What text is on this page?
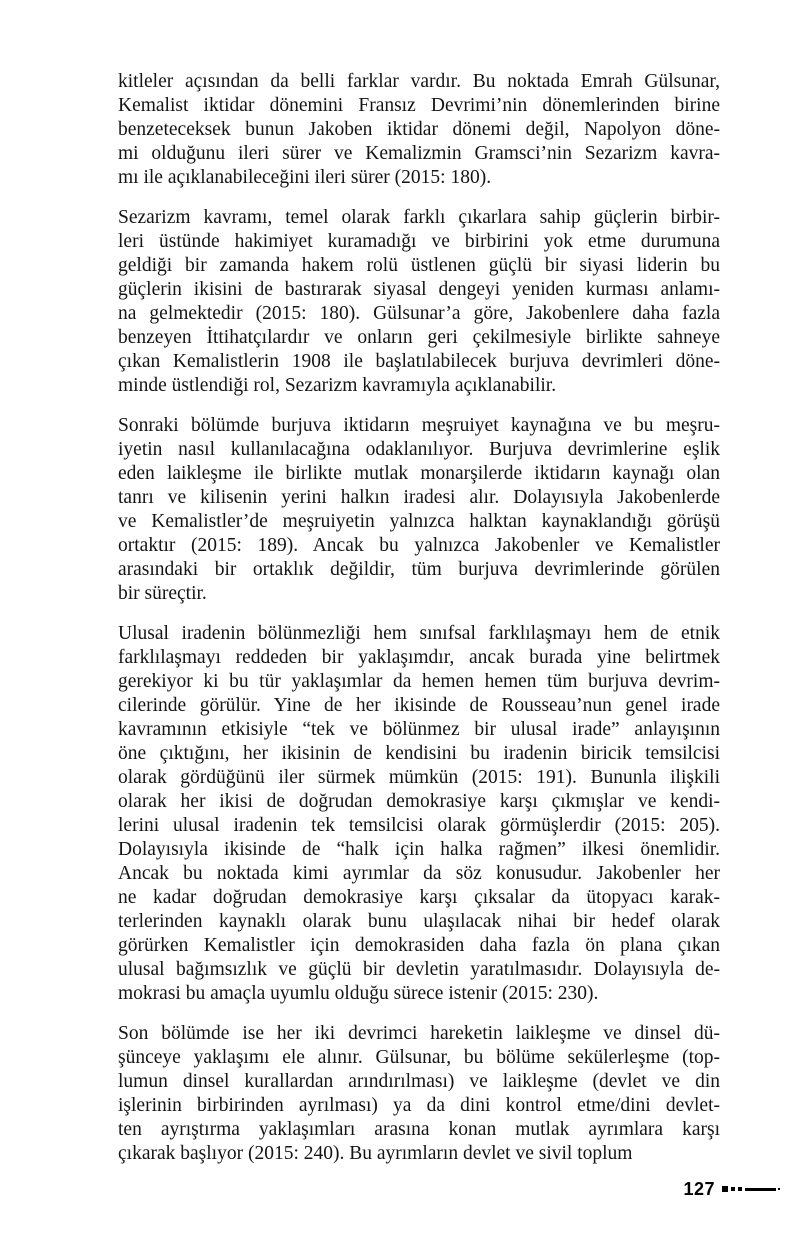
kitleler açısından da belli farklar vardır. Bu noktada Emrah Gülsunar,
Kemalist iktidar dönemini Fransız Devrimi’nin dönemlerinden birine
benzeteceksek bunun Jakoben iktidar dönemi değil, Napolyon döne-
mi olduğunu ileri sürer ve Kemalizmin Gramsci’nin Sezarizm kavra-
mı ile açıklanabileceğini ileri sürer (2015: 180).
Sezarizm kavramı, temel olarak farklı çıkarlara sahip güçlerin birbir-
leri üstünde hakimiyet kuramadığı ve birbirini yok etme durumuna
geldiği bir zamanda hakem rolü üstlenen güçlü bir siyasi liderin bu
güçlerin ikisini de bastırarak siyasal dengeyi yeniden kurması anlamı-
na gelmektedir (2015: 180). Gülsunar’a göre, Jakobenlere daha fazla
benzeyen İttihatçılardır ve onların geri çekilmesiyle birlikte sahneye
çıkan Kemalistlerin 1908 ile başlatılabilecek burjuva devrimleri döne-
minde üstlendiği rol, Sezarizm kavramıyla açıklanabilir.
Sonraki bölümde burjuva iktidarın meşruiyet kaynağına ve bu meşru-
iyetin nasıl kullanılacağına odaklanılıyor. Burjuva devrimlerine eşlik
eden laikleşme ile birlikte mutlak monarşilerde iktidarın kaynağı olan
tanrı ve kilisenin yerini halkın iradesi alır. Dolayısıyla Jakobenlerde
ve Kemalistler’de meşruiyetin yalnızca halktan kaynaklandığı görüşü
ortaktır (2015: 189). Ancak bu yalnızca Jakobenler ve Kemalistler
arasındaki bir ortaklık değildir, tüm burjuva devrimlerinde görülen
bir süreçtir.
Ulusal iradenin bölünmezliği hem sınıfsal farklılaşmayı hem de etnik
farklılaşmayı reddeden bir yaklaşımdır, ancak burada yine belirtmek
gerekiyor ki bu tür yaklaşımlar da hemen hemen tüm burjuva devrim-
cilerinde görülür. Yine de her ikisinde de Rousseau’nun genel irade
kavramının etkisiyle “tek ve bölünmez bir ulusal irade” anlayışının
öne çıktığını, her ikisinin de kendisini bu iradenin biricik temsilcisi
olarak gördüğünü iler sürmek mümkün (2015: 191). Bununla ilişkili
olarak her ikisi de doğrudan demokrasiye karşı çıkmışlar ve kendi-
lerini ulusal iradenin tek temsilcisi olarak görmüşlerdir (2015: 205).
Dolayısıyla ikisinde de “halk için halka rağmen” ilkesi önemlidir.
Ancak bu noktada kimi ayrımlar da söz konusudur. Jakobenler her
ne kadar doğrudan demokrasiye karşı çıksalar da ütopyacı karak-
terlerinden kaynaklı olarak bunu ulaşılacak nihai bir hedef olarak
görürken Kemalistler için demokrasiden daha fazla ön plana çıkan
ulusal bağımsızlık ve güçlü bir devletin yaratılmasıdır. Dolayısıyla de-
mokrasi bu amaçla uyumlu olduğu sürece istenir (2015: 230).
Son bölümde ise her iki devrimci hareketin laikleşme ve dinsel dü-
şünceye yaklaşımı ele alınır. Gülsunar, bu bölüme sekülerleşme (top-
lumun dinsel kurallardan arındırılması) ve laikleşme (devlet ve din
işlerinin birbirinden ayrılması) ya da dini kontrol etme/dini devlet-
ten ayrıştırma yaklaşımları arasına konan mutlak ayrımlara karşı
çıkarak başlıyor (2015: 240). Bu ayrımların devlet ve sivil toplum
127
